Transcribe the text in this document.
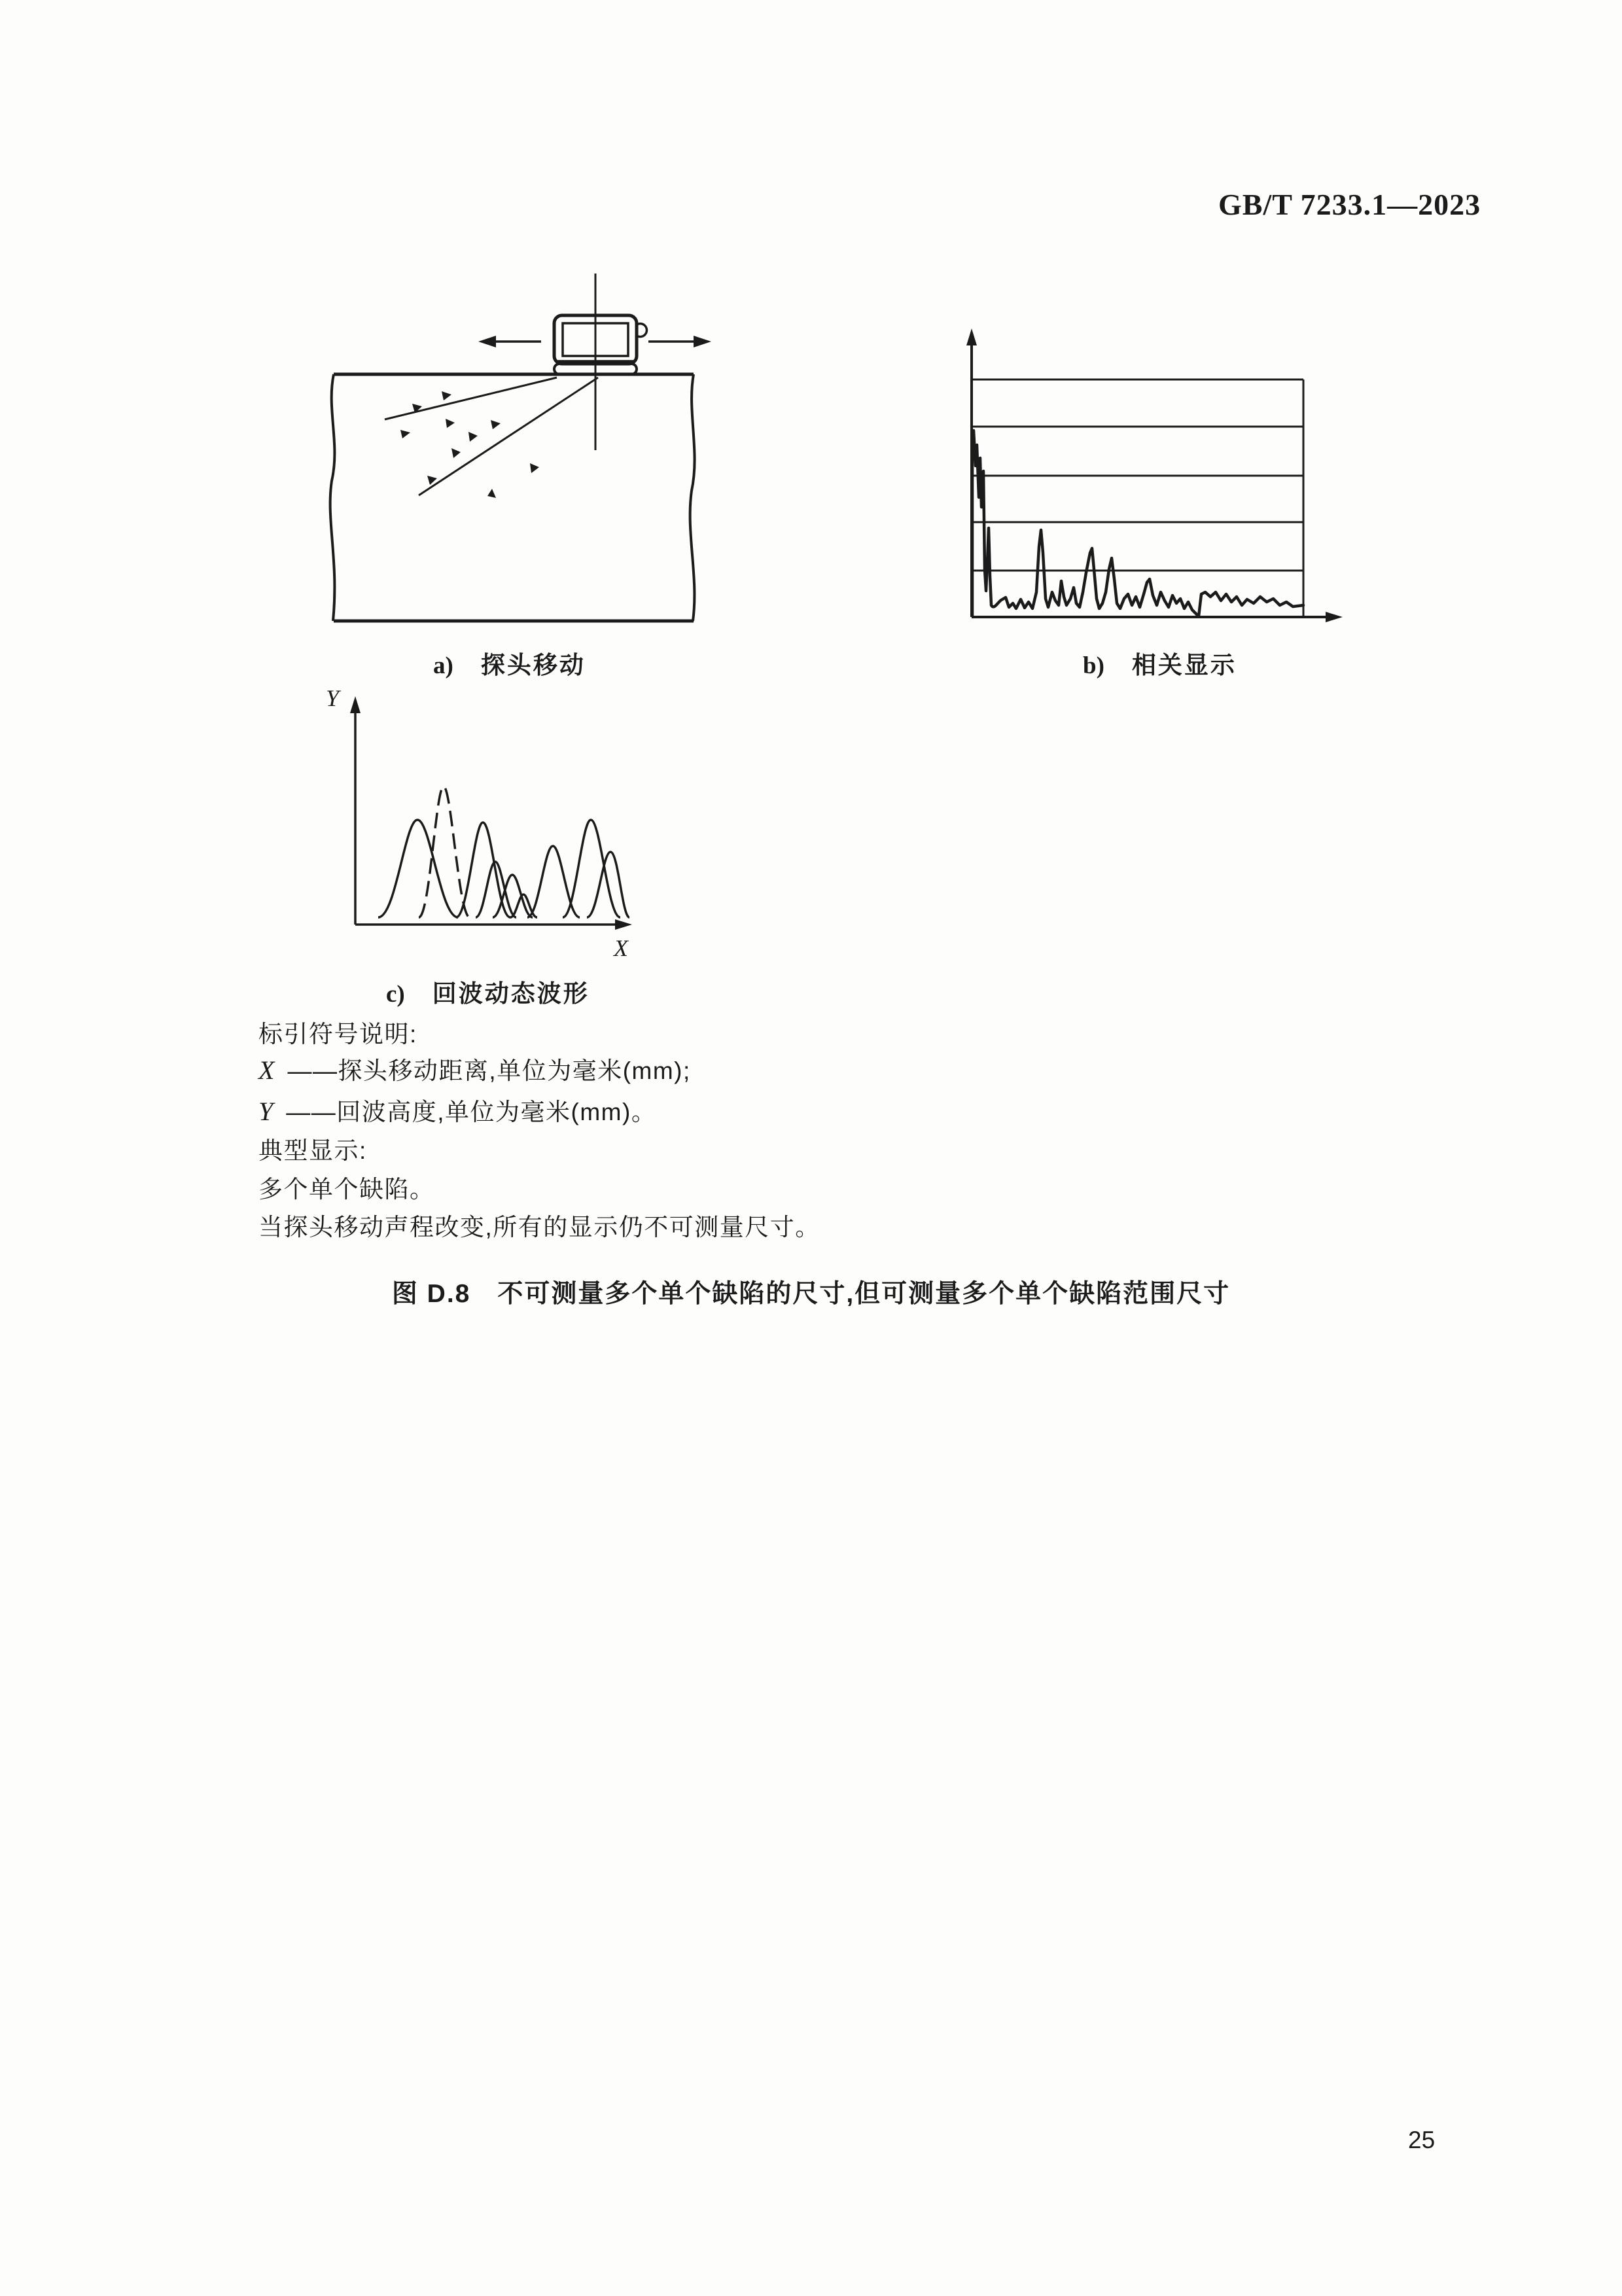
GB/T 7233.1—2023
Y
X
a) 探头移动	b) 相关显示
c) 回波动态波形
标引符号说明:
X ——探头移动距离,单位为毫米(mm);
Y ——回波高度,单位为毫米(mm)。
典型显示:
多个单个缺陷。
当探头移动声程改变,所有的显示仍不可测量尺寸。
图 D.8　不可测量多个单个缺陷的尺寸,但可测量多个单个缺陷范围尺寸
25
